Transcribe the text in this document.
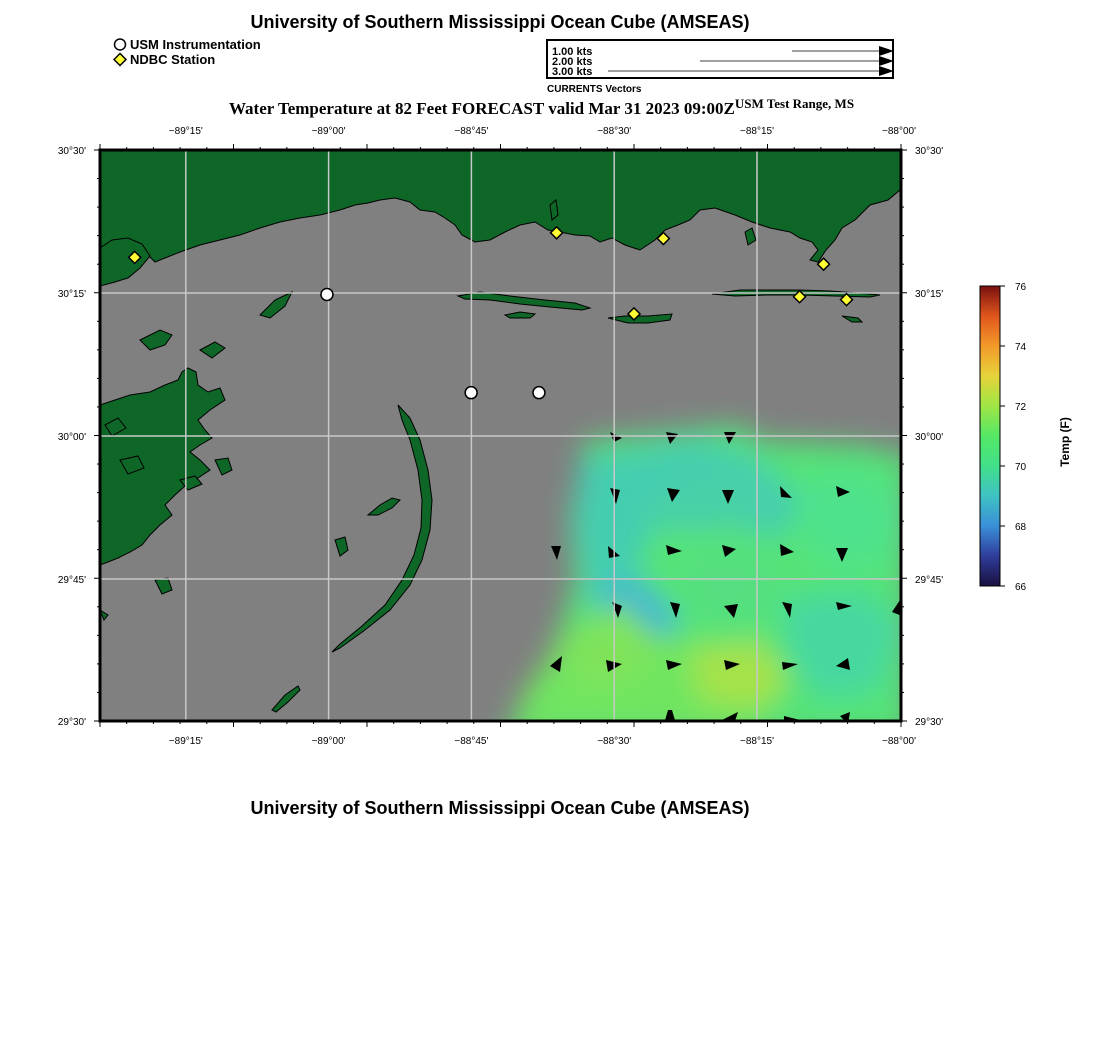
University of Southern Mississippi Ocean Cube (AMSEAS)
USM Instrumentation
NDBC Station	1.00 kts
2.00 kts
3.00 kts
CURRENTS Vectors
Water Temperature at 82 Feet FORECAST valid Mar 31 2023 $09:00Z^{USM Test Range, MS}$
−89°15'	−89°00'	−88°45'	−88°30'	−88°15'	−88°00'
−89°15'	−89°00'	−88°45'	−88°30'	−88°15'	−88°00'
30°30'
30°15'
30°00'
29°45'
29°30'
30°30'
30°15'
30°00'
29°45'
29°30'
66
68
70
72
74
76
Temp (F)
University of Southern Mississippi Ocean Cube (AMSEAS)
